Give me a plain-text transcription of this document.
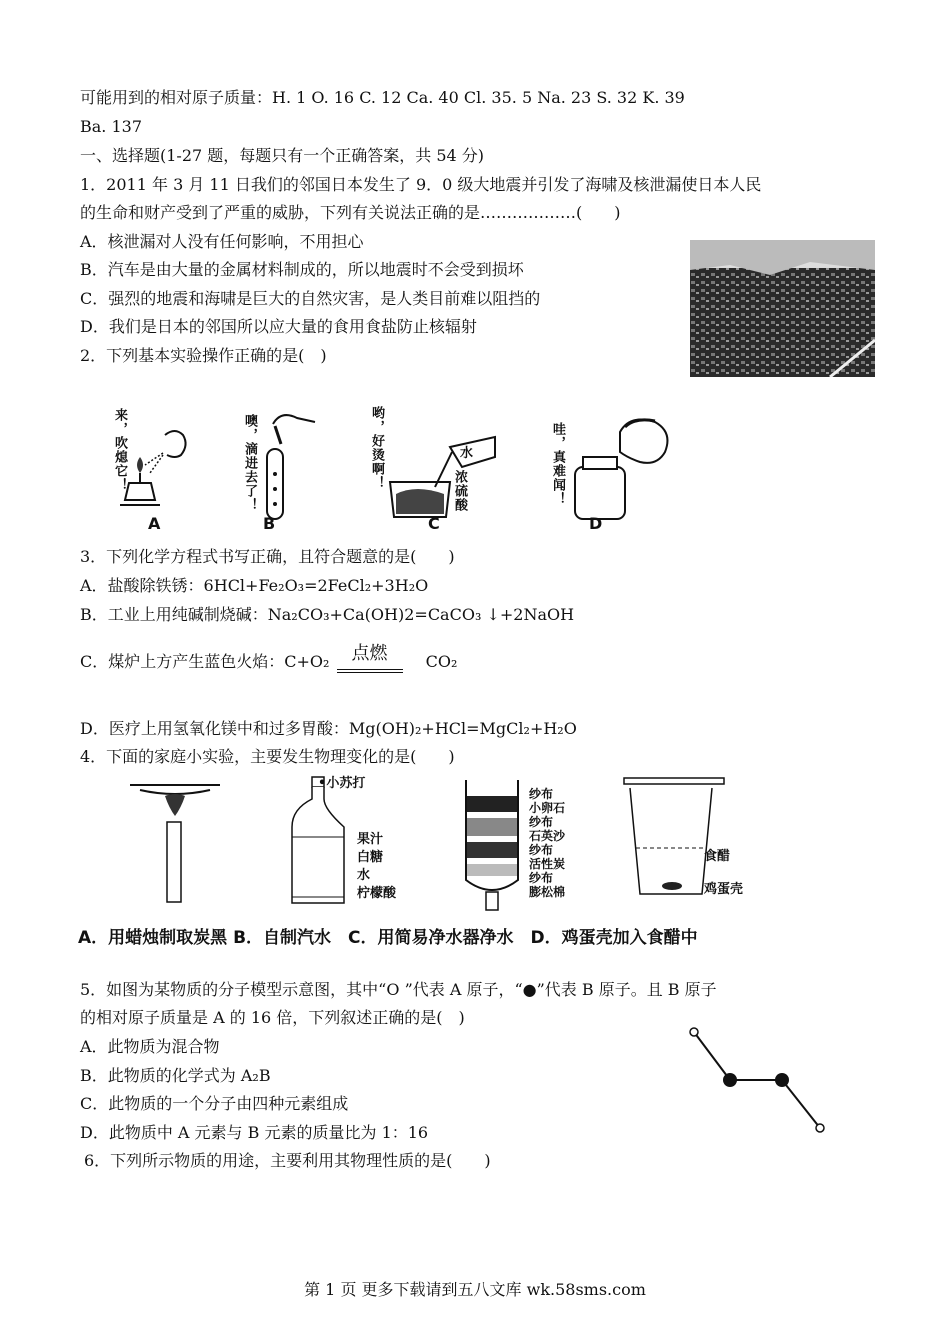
可能用到的相对原子质量：H. 1 O. 16 C. 12 Ca. 40 Cl. 35. 5 Na. 23 S. 32 K. 39
Ba. 137
一、选择题(1-27 题，每题只有一个正确答案，共 54 分)
1．2011 年 3 月 11 日我们的邻国日本发生了 9．0 级大地震并引发了海啸及核泄漏使日本人民
的生命和财产受到了严重的威胁，下列有关说法正确的是………………(　　)
A．核泄漏对人没有任何影响，不用担心
B．汽车是由大量的金属材料制成的，所以地震时不会受到损坏
C．强烈的地震和海啸是巨大的自然灾害，是人类目前难以阻挡的
D．我们是日本的邻国所以应大量的食用食盐防止核辐射
2．下列基本实验操作正确的是(　)
来，吹熄它！
A
噢，滴进去了！
B
哟，好烫啊！	水
浓硫酸
C
哇，真难闻！
D
3．下列化学方程式书写正确，且符合题意的是(　　)
A．盐酸除铁锈：6HCl+Fe₂O₃=2FeCl₂+3H₂O
B．工业上用纯碱制烧碱：Na₂CO₃+Ca(OH)2=CaCO₃ ↓+2NaOH
C．煤炉上方产生蓝色火焰：C+O₂ 点燃 CO₂
D．医疗上用氢氧化镁中和过多胃酸：Mg(OH)₂+HCl=MgCl₂+H₂O
4．下面的家庭小实验，主要发生物理变化的是(　　)
•小苏打
果汁
白糖
水
柠檬酸
纱布
小卵石
纱布
石英沙
纱布
活性炭
纱布
膨松棉
食醋
鸡蛋壳
A．用蜡烛制取炭黑 B．自制汽水　C．用简易净水器净水　D．鸡蛋壳加入食醋中
5．如图为某物质的分子模型示意图，其中“O ”代表 A 原子，“●”代表 B 原子。且 B 原子
的相对原子质量是 A 的 16 倍，下列叙述正确的是(　)
A．此物质为混合物
B．此物质的化学式为 A₂B
C．此物质的一个分子由四种元素组成
D．此物质中 A 元素与 B 元素的质量比为 1：16
6．下列所示物质的用途，主要利用其物理性质的是(　　)
第 1 页 更多下载请到五八文库 wk.58sms.com
